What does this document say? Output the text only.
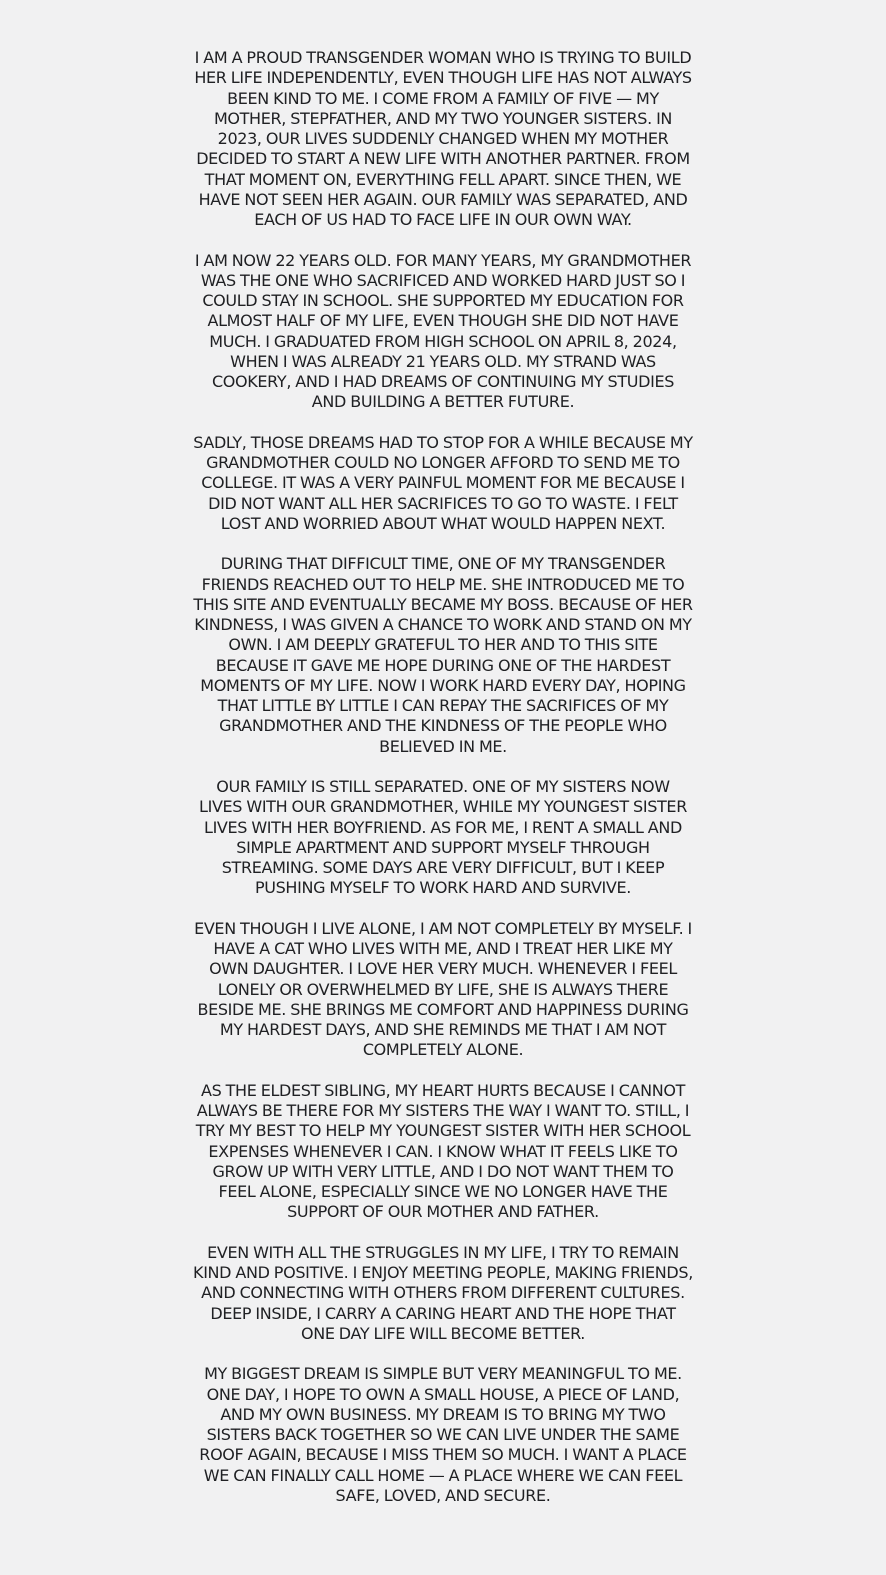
I AM A PROUD TRANSGENDER WOMAN WHO IS TRYING TO BUILD HER LIFE INDEPENDENTLY, EVEN THOUGH LIFE HAS NOT ALWAYS BEEN KIND TO ME. I COME FROM A FAMILY OF FIVE — MY MOTHER, STEPFATHER, AND MY TWO YOUNGER SISTERS. IN 2023, OUR LIVES SUDDENLY CHANGED WHEN MY MOTHER DECIDED TO START A NEW LIFE WITH ANOTHER PARTNER. FROM THAT MOMENT ON, EVERYTHING FELL APART. SINCE THEN, WE HAVE NOT SEEN HER AGAIN. OUR FAMILY WAS SEPARATED, AND EACH OF US HAD TO FACE LIFE IN OUR OWN WAY.

I AM NOW 22 YEARS OLD. FOR MANY YEARS, MY GRANDMOTHER WAS THE ONE WHO SACRIFICED AND WORKED HARD JUST SO I COULD STAY IN SCHOOL. SHE SUPPORTED MY EDUCATION FOR ALMOST HALF OF MY LIFE, EVEN THOUGH SHE DID NOT HAVE MUCH. I GRADUATED FROM HIGH SCHOOL ON APRIL 8, 2024, WHEN I WAS ALREADY 21 YEARS OLD. MY STRAND WAS COOKERY, AND I HAD DREAMS OF CONTINUING MY STUDIES AND BUILDING A BETTER FUTURE.

SADLY, THOSE DREAMS HAD TO STOP FOR A WHILE BECAUSE MY GRANDMOTHER COULD NO LONGER AFFORD TO SEND ME TO COLLEGE. IT WAS A VERY PAINFUL MOMENT FOR ME BECAUSE I DID NOT WANT ALL HER SACRIFICES TO GO TO WASTE. I FELT LOST AND WORRIED ABOUT WHAT WOULD HAPPEN NEXT.

DURING THAT DIFFICULT TIME, ONE OF MY TRANSGENDER FRIENDS REACHED OUT TO HELP ME. SHE INTRODUCED ME TO THIS SITE AND EVENTUALLY BECAME MY BOSS. BECAUSE OF HER KINDNESS, I WAS GIVEN A CHANCE TO WORK AND STAND ON MY OWN. I AM DEEPLY GRATEFUL TO HER AND TO THIS SITE BECAUSE IT GAVE ME HOPE DURING ONE OF THE HARDEST MOMENTS OF MY LIFE. NOW I WORK HARD EVERY DAY, HOPING THAT LITTLE BY LITTLE I CAN REPAY THE SACRIFICES OF MY GRANDMOTHER AND THE KINDNESS OF THE PEOPLE WHO BELIEVED IN ME.

OUR FAMILY IS STILL SEPARATED. ONE OF MY SISTERS NOW LIVES WITH OUR GRANDMOTHER, WHILE MY YOUNGEST SISTER LIVES WITH HER BOYFRIEND. AS FOR ME, I RENT A SMALL AND SIMPLE APARTMENT AND SUPPORT MYSELF THROUGH STREAMING. SOME DAYS ARE VERY DIFFICULT, BUT I KEEP PUSHING MYSELF TO WORK HARD AND SURVIVE.

EVEN THOUGH I LIVE ALONE, I AM NOT COMPLETELY BY MYSELF. I HAVE A CAT WHO LIVES WITH ME, AND I TREAT HER LIKE MY OWN DAUGHTER. I LOVE HER VERY MUCH. WHENEVER I FEEL LONELY OR OVERWHELMED BY LIFE, SHE IS ALWAYS THERE BESIDE ME. SHE BRINGS ME COMFORT AND HAPPINESS DURING MY HARDEST DAYS, AND SHE REMINDS ME THAT I AM NOT COMPLETELY ALONE.

AS THE ELDEST SIBLING, MY HEART HURTS BECAUSE I CANNOT ALWAYS BE THERE FOR MY SISTERS THE WAY I WANT TO. STILL, I TRY MY BEST TO HELP MY YOUNGEST SISTER WITH HER SCHOOL EXPENSES WHENEVER I CAN. I KNOW WHAT IT FEELS LIKE TO GROW UP WITH VERY LITTLE, AND I DO NOT WANT THEM TO FEEL ALONE, ESPECIALLY SINCE WE NO LONGER HAVE THE SUPPORT OF OUR MOTHER AND FATHER.

EVEN WITH ALL THE STRUGGLES IN MY LIFE, I TRY TO REMAIN KIND AND POSITIVE. I ENJOY MEETING PEOPLE, MAKING FRIENDS, AND CONNECTING WITH OTHERS FROM DIFFERENT CULTURES. DEEP INSIDE, I CARRY A CARING HEART AND THE HOPE THAT ONE DAY LIFE WILL BECOME BETTER.

MY BIGGEST DREAM IS SIMPLE BUT VERY MEANINGFUL TO ME. ONE DAY, I HOPE TO OWN A SMALL HOUSE, A PIECE OF LAND, AND MY OWN BUSINESS. MY DREAM IS TO BRING MY TWO SISTERS BACK TOGETHER SO WE CAN LIVE UNDER THE SAME ROOF AGAIN, BECAUSE I MISS THEM SO MUCH. I WANT A PLACE WE CAN FINALLY CALL HOME — A PLACE WHERE WE CAN FEEL SAFE, LOVED, AND SECURE.
